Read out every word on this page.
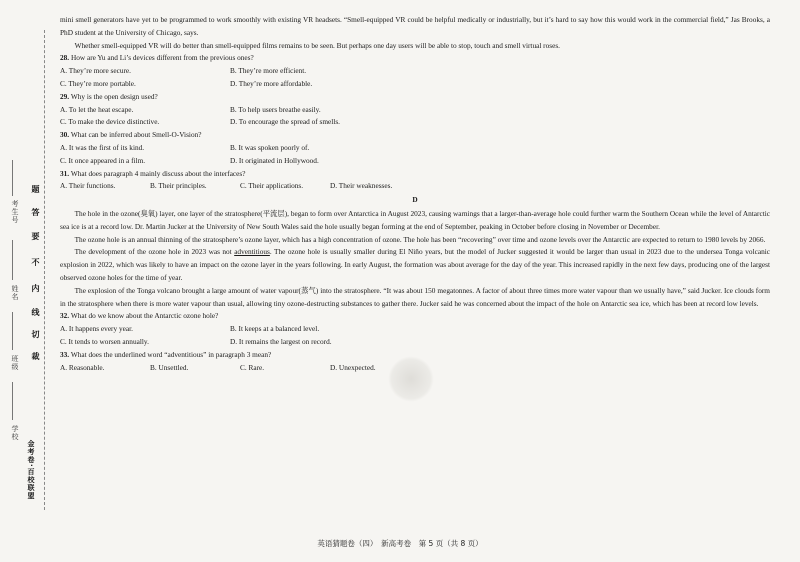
考生号
姓名
班级
学校
题
答
要
不
内
线
切
裁
金考卷·百校联盟

mini smell generators have yet to be programmed to work smoothly with existing VR headsets. “Smell-equipped VR could be helpful medically or industrially, but it’s hard to say how this would work in the commercial field,” Jas Brooks, a PhD student at the University of Chicago, says.

Whether smell-equipped VR will do better than smell-equipped films remains to be seen. But perhaps one day users will be able to stop, touch and smell virtual roses.

28. How are Yu and Li’s devices different from the previous ones?
A. They’re more secure.	B. They’re more efficient.
C. They’re more portable.	D. They’re more affordable.
29. Why is the open design used?
A. To let the heat escape.	B. To help users breathe easily.
C. To make the device distinctive.	D. To encourage the spread of smells.
30. What can be inferred about Smell-O-Vision?
A. It was the first of its kind.	B. It was spoken poorly of.
C. It once appeared in a film.	D. It originated in Hollywood.
31. What does paragraph 4 mainly discuss about the interfaces?
A. Their functions.	B. Their principles.	C. Their applications.	D. Their weaknesses.
D

The hole in the ozone(臭氧) layer, one layer of the stratosphere(平流层), began to form over Antarctica in August 2023, causing warnings that a larger-than-average hole could further warm the Southern Ocean while the level of Antarctic sea ice is at a record low. Dr. Martin Jucker at the University of New South Wales said the hole usually began forming at the end of September, peaking in October before closing in November or December.

The ozone hole is an annual thinning of the stratosphere’s ozone layer, which has a high concentration of ozone. The hole has been “recovering” over time and ozone levels over the Antarctic are expected to return to 1980 levels by 2066.

The development of the ozone hole in 2023 was not adventitious. The ozone hole is usually smaller during El Niño years, but the model of Jucker suggested it would be larger than usual in 2023 due to the undersea Tonga volcanic explosion in 2022, which was likely to have an impact on the ozone layer in the years following. In early August, the formation was about average for the day of the year. This increased rapidly in the next few days, producing one of the largest observed ozone holes for the time of year.

The explosion of the Tonga volcano brought a large amount of water vapour(蒸气) into the stratosphere. “It was about 150 megatonnes. A factor of about three times more water vapour than we usually have,” said Jucker. Ice clouds form in the stratosphere when there is more water vapour than usual, allowing tiny ozone-destructing substances to gather there. Jucker said he was concerned about the impact of the hole on Antarctic sea ice, which has been at record low levels.

32. What do we know about the Antarctic ozone hole?
A. It happens every year.	B. It keeps at a balanced level.
C. It tends to worsen annually.	D. It remains the largest on record.
33. What does the underlined word “adventitious” in paragraph 3 mean?
A. Reasonable.	B. Unsettled.	C. Rare.	D. Unexpected.
英语猜题卷（四）　新高考卷　第 5 页（共 8 页）
